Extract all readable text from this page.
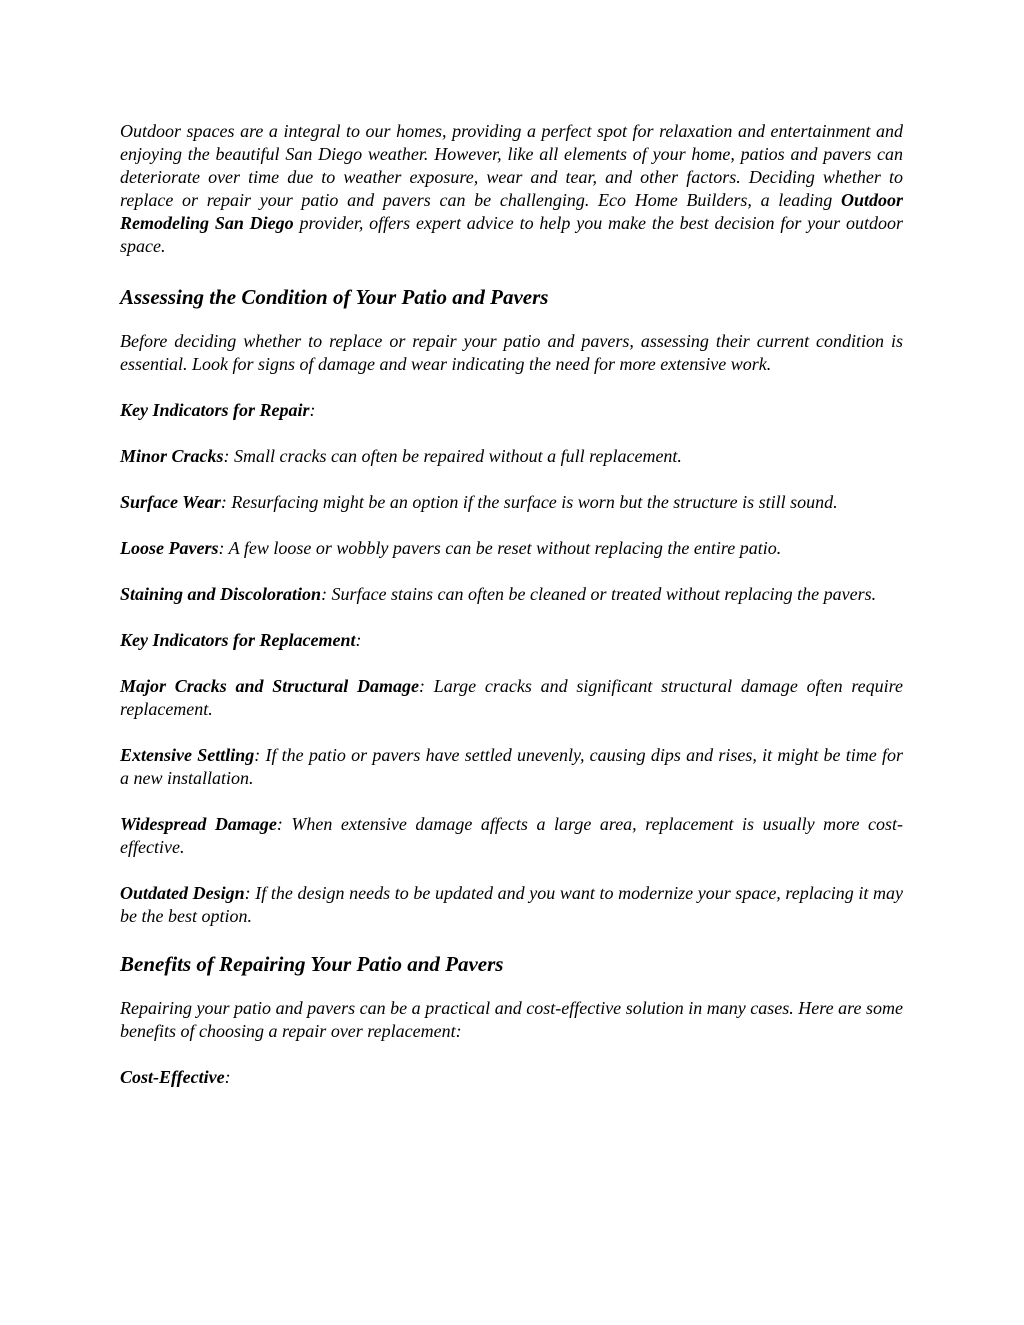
Outdoor spaces are a integral to our homes, providing a perfect spot for relaxation and entertainment and enjoying the beautiful San Diego weather. However, like all elements of your home, patios and pavers can deteriorate over time due to weather exposure, wear and tear, and other factors. Deciding whether to replace or repair your patio and pavers can be challenging. Eco Home Builders, a leading Outdoor Remodeling San Diego provider, offers expert advice to help you make the best decision for your outdoor space.

Assessing the Condition of Your Patio and Pavers

Before deciding whether to replace or repair your patio and pavers, assessing their current condition is essential. Look for signs of damage and wear indicating the need for more extensive work.

Key Indicators for Repair:

Minor Cracks: Small cracks can often be repaired without a full replacement.

Surface Wear: Resurfacing might be an option if the surface is worn but the structure is still sound.

Loose Pavers: A few loose or wobbly pavers can be reset without replacing the entire patio.

Staining and Discoloration: Surface stains can often be cleaned or treated without replacing the pavers.

Key Indicators for Replacement:

Major Cracks and Structural Damage: Large cracks and significant structural damage often require replacement.

Extensive Settling: If the patio or pavers have settled unevenly, causing dips and rises, it might be time for a new installation.

Widespread Damage: When extensive damage affects a large area, replacement is usually more cost-effective.

Outdated Design: If the design needs to be updated and you want to modernize your space, replacing it may be the best option.

Benefits of Repairing Your Patio and Pavers

Repairing your patio and pavers can be a practical and cost-effective solution in many cases. Here are some benefits of choosing a repair over replacement:

Cost-Effective:
